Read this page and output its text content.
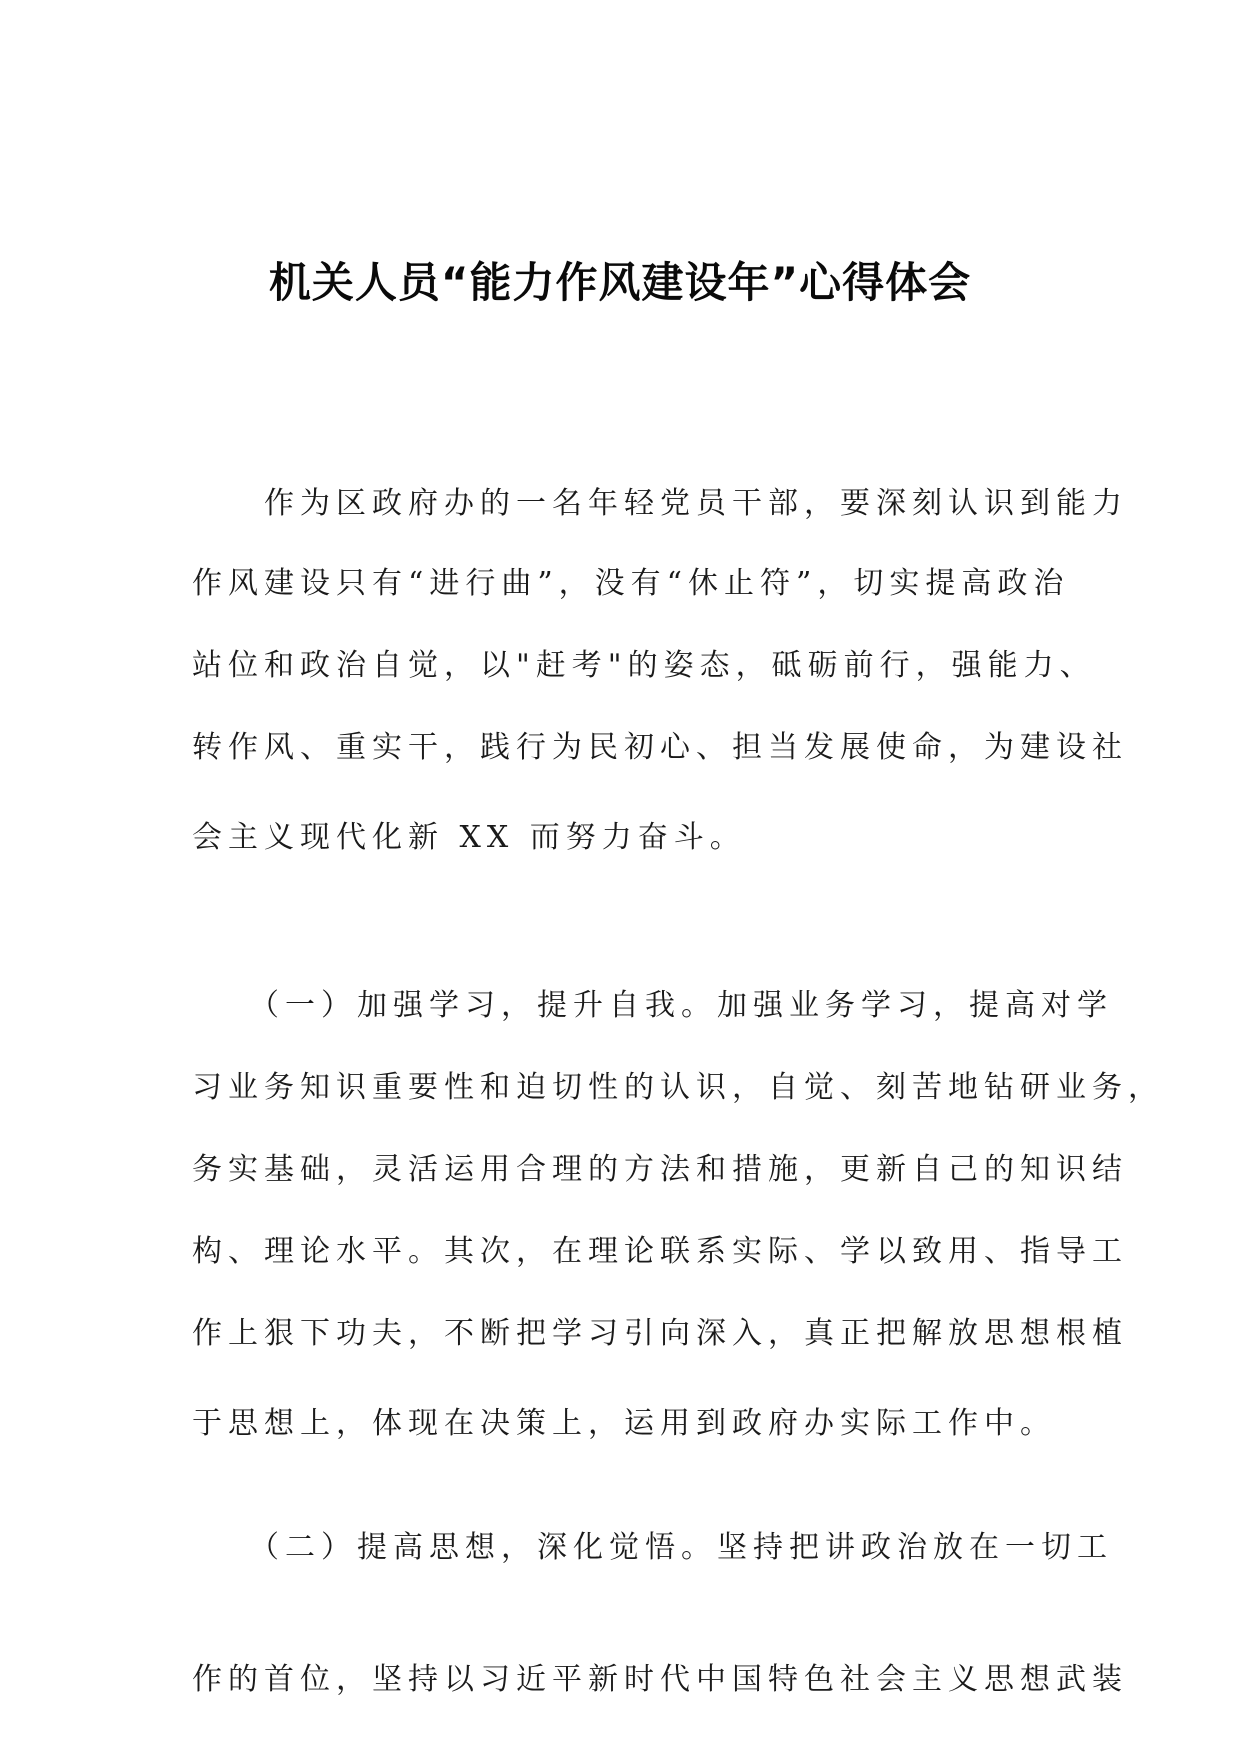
机关人员“能力作风建设年”心得体会
　　作为区政府办的一名年轻党员干部，要深刻认识到能力
作风建设只有“进行曲”，没有“休止符”，切实提高政治
站位和政治自觉，以"赶考"的姿态，砥砺前行，强能力、
转作风、重实干，践行为民初心、担当发展使命，为建设社
会主义现代化新 XX 而努力奋斗。
　　（一）加强学习，提升自我。加强业务学习，提高对学
习业务知识重要性和迫切性的认识，自觉、刻苦地钻研业务，
务实基础，灵活运用合理的方法和措施，更新自己的知识结
构、理论水平。其次，在理论联系实际、学以致用、指导工
作上狠下功夫，不断把学习引向深入，真正把解放思想根植
于思想上，体现在决策上，运用到政府办实际工作中。
　　（二）提高思想，深化觉悟。坚持把讲政治放在一切工
作的首位，坚持以习近平新时代中国特色社会主义思想武装
